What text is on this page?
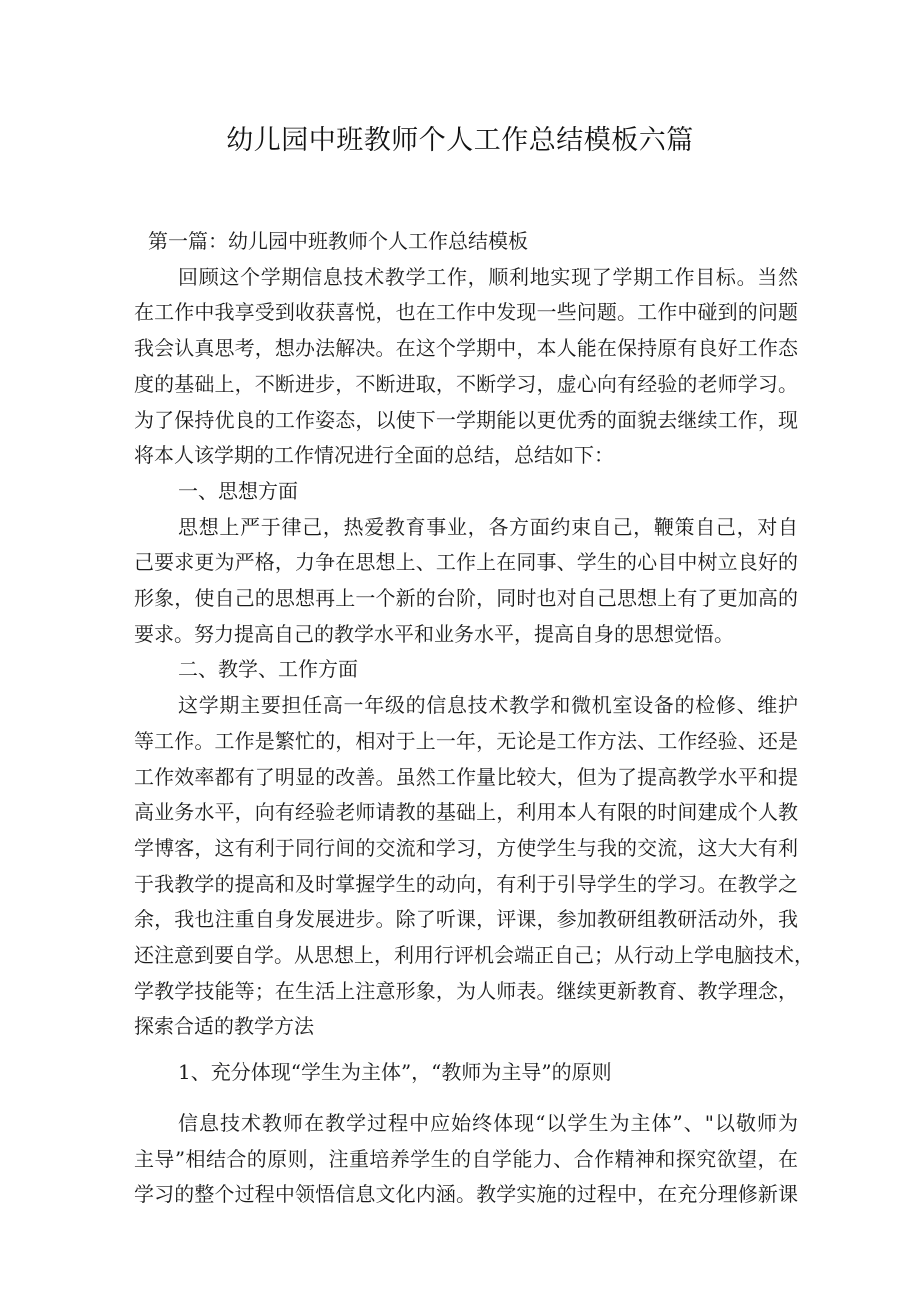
幼儿园中班教师个人工作总结模板六篇
第一篇：幼儿园中班教师个人工作总结模板
回顾这个学期信息技术教学工作，顺利地实现了学期工作目标。当然
在工作中我享受到收获喜悦，也在工作中发现一些问题。工作中碰到的问题
我会认真思考，想办法解决。在这个学期中，本人能在保持原有良好工作态
度的基础上，不断进步，不断进取，不断学习，虚心向有经验的老师学习。
为了保持优良的工作姿态，以使下一学期能以更优秀的面貌去继续工作，现
将本人该学期的工作情况进行全面的总结，总结如下：
一、思想方面
思想上严于律己，热爱教育事业，各方面约束自己，鞭策自己，对自
己要求更为严格，力争在思想上、工作上在同事、学生的心目中树立良好的
形象，使自己的思想再上一个新的台阶，同时也对自己思想上有了更加高的
要求。努力提高自己的教学水平和业务水平，提高自身的思想觉悟。
二、教学、工作方面
这学期主要担任高一年级的信息技术教学和微机室设备的检修、维护
等工作。工作是繁忙的，相对于上一年，无论是工作方法、工作经验、还是
工作效率都有了明显的改善。虽然工作量比较大，但为了提高教学水平和提
高业务水平，向有经验老师请教的基础上，利用本人有限的时间建成个人教
学博客，这有利于同行间的交流和学习，方使学生与我的交流，这大大有利
于我教学的提高和及时掌握学生的动向，有利于引导学生的学习。在教学之
余，我也注重自身发展进步。除了听课，评课，参加教研组教研活动外，我
还注意到要自学。从思想上，利用行评机会端正自己；从行动上学电脑技术，
学教学技能等；在生活上注意形象，为人师表。继续更新教育、教学理念，
探索合适的教学方法
1、充分体现“学生为主体”，“教师为主导”的原则
信息技术教师在教学过程中应始终体现“以学生为主体”、"以敬师为
主导”相结合的原则，注重培养学生的自学能力、合作精神和探究欲望，在
学习的整个过程中领悟信息文化内涵。教学实施的过程中，在充分理修新课
